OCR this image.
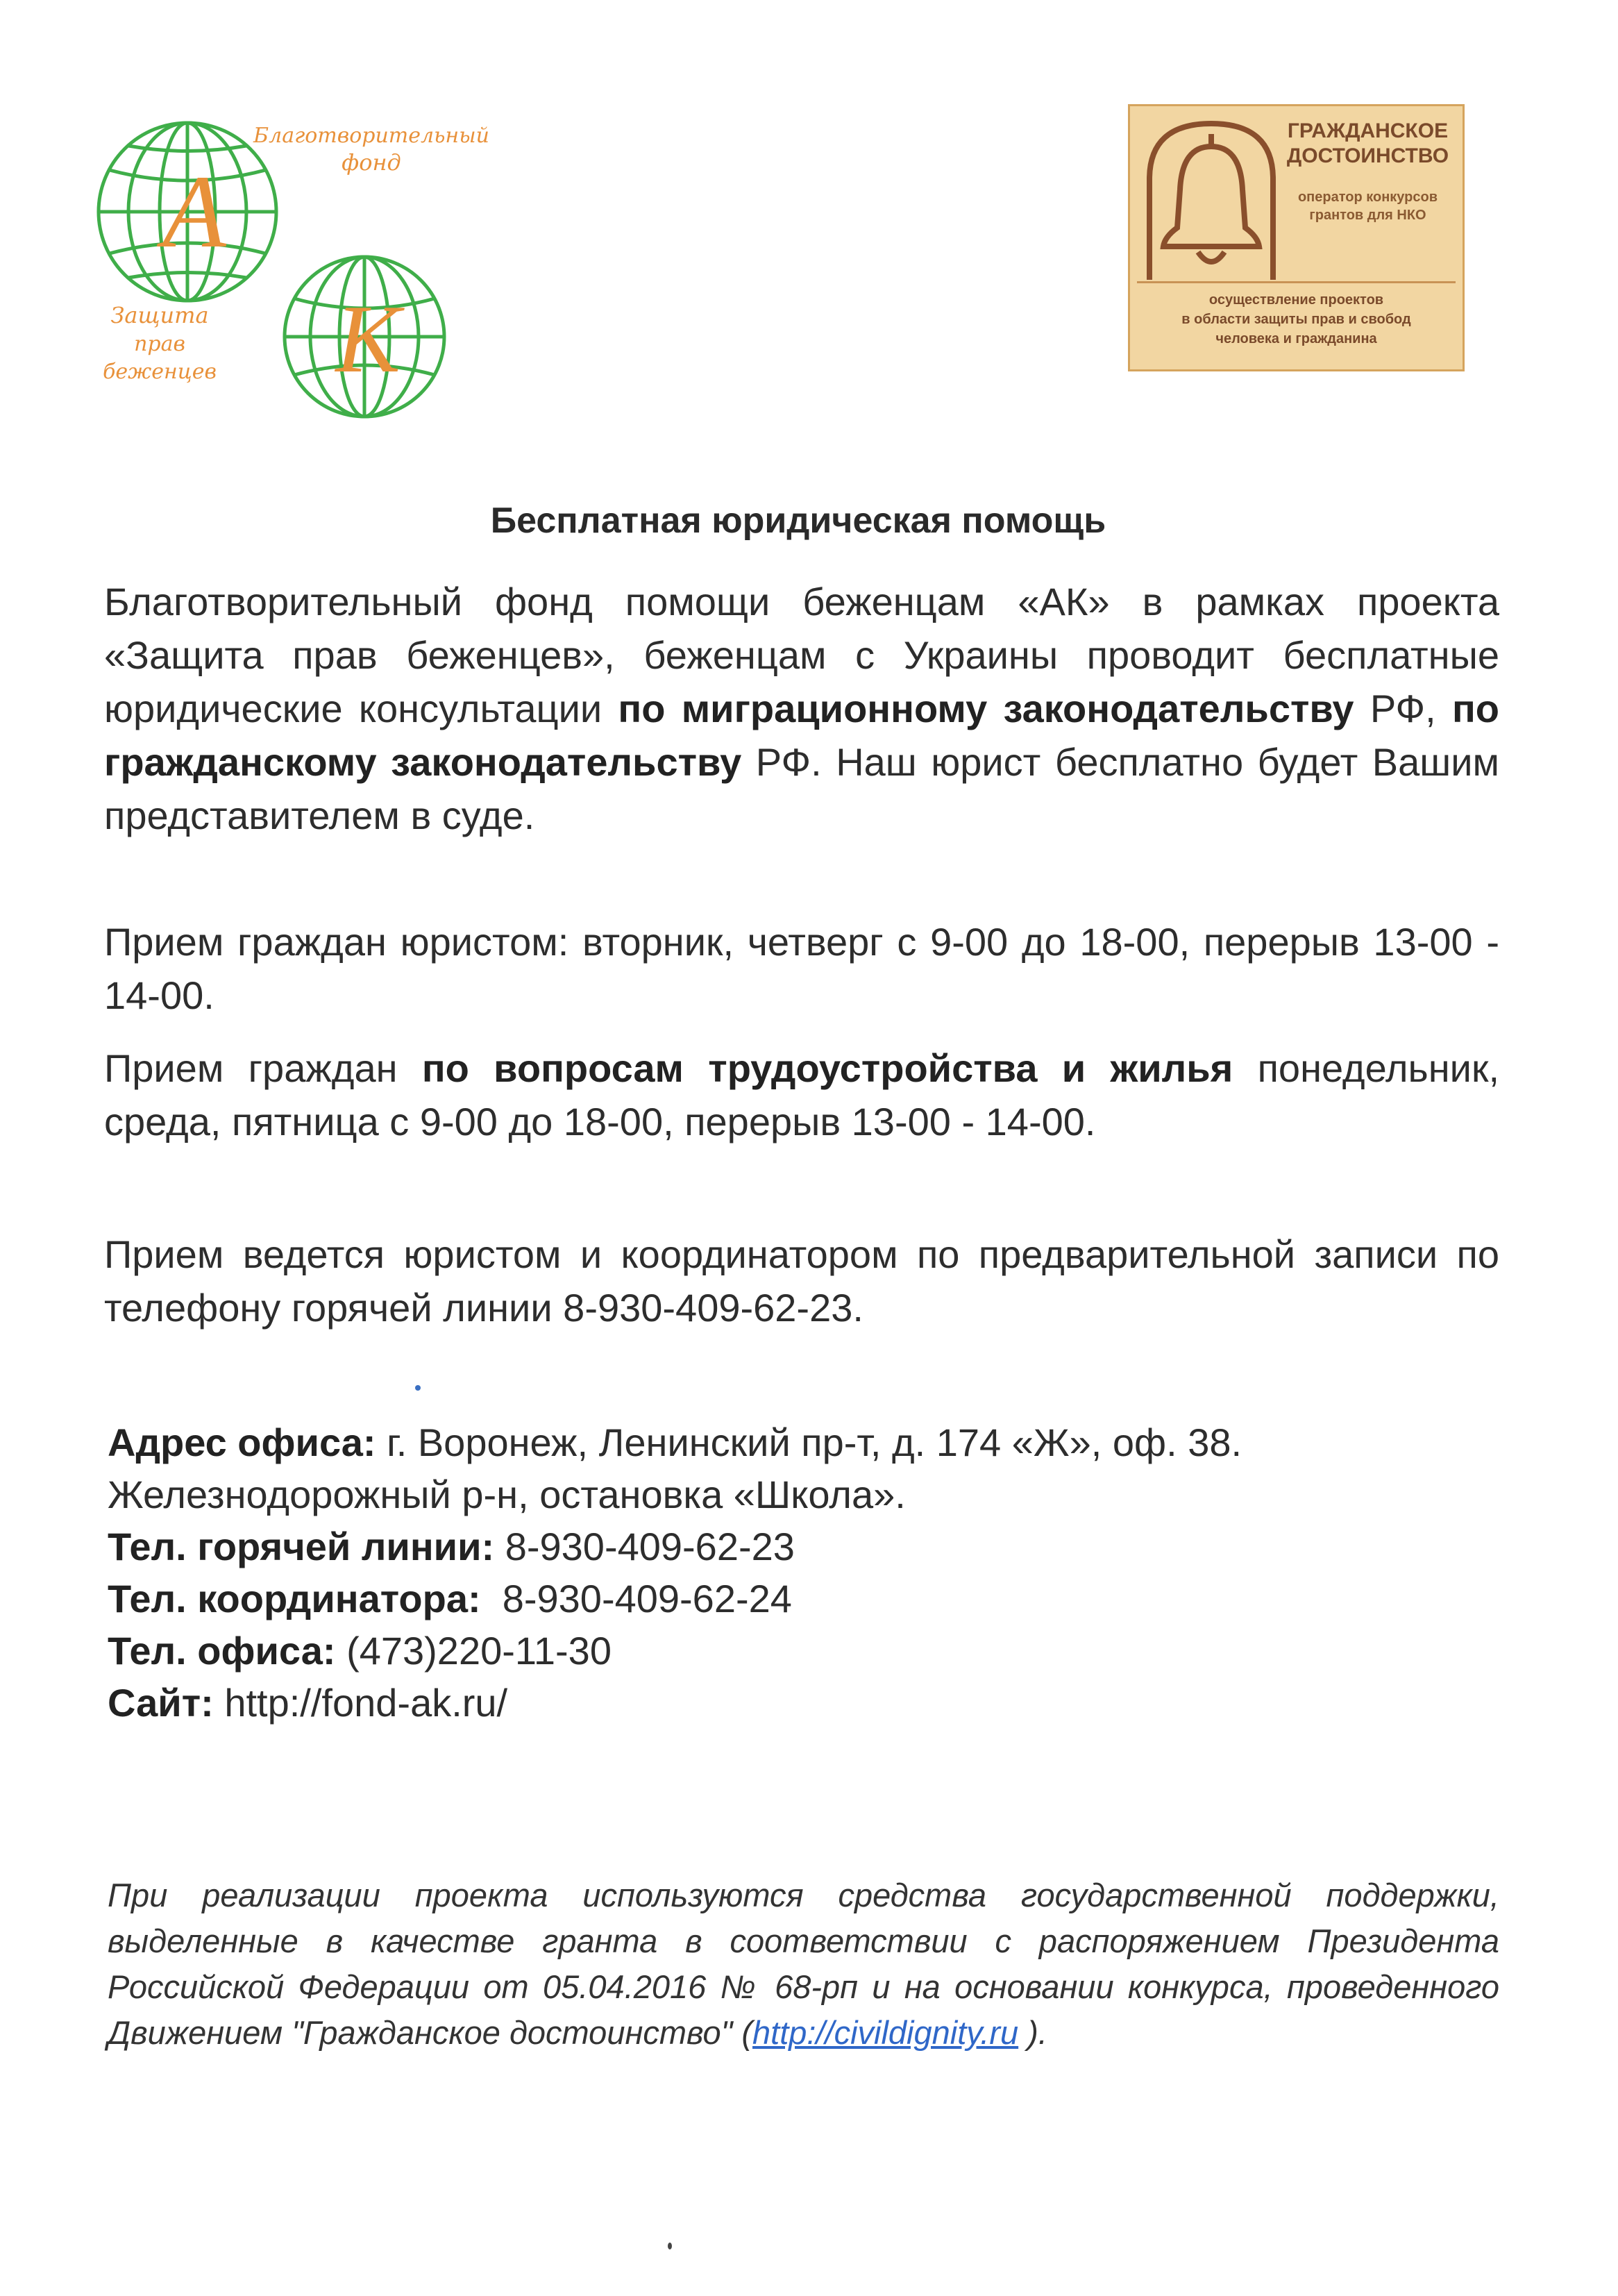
А
К
Благотворительный
фонд
Защита
прав
беженцев
ГРАЖДАНСКОЕ
ДОСТОИНСТВО
оператор конкурсов
грантов для НКО
осуществление проектов
в области защиты прав и свобод
человека и гражданина
Бесплатная юридическая помощь
Благотворительный фонд помощи беженцам «АК» в рамках проекта «Защита прав беженцев», беженцам с Украины проводит бесплатные юридические консультации по миграционному законодательству РФ, по гражданскому законодательству РФ. Наш юрист бесплатно будет Вашим представителем в суде.
Прием граждан юристом: вторник, четверг с 9-00 до 18-00, перерыв 13-00 - 14-00.
Прием граждан по вопросам трудоустройства и жилья понедельник, среда, пятница с 9-00 до 18-00, перерыв 13-00 - 14-00.
Прием ведется юристом и координатором по предварительной записи по телефону горячей линии 8-930-409-62-23.
Адрес офиса: г. Воронеж, Ленинский пр-т, д. 174 «Ж», оф. 38.
Железнодорожный р-н, остановка «Школа».
Тел. горячей линии: 8-930-409-62-23
Тел. координатора:  8-930-409-62-24
Тел. офиса: (473)220-11-30
Сайт: http://fond-ak.ru/
При реализации проекта используются средства государственной поддержки, выделенные в качестве гранта в соответствии с распоряжением Президента Российской Федерации от 05.04.2016 № 68-рп и на основании конкурса, проведенного Движением "Гражданское достоинство" (http://civildignity.ru ).
